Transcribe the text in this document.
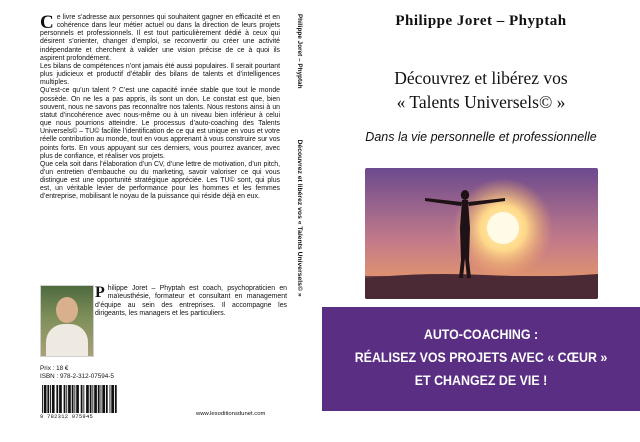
Ce livre s’adresse aux personnes qui souhaitent gagner en efficacité et en cohérence dans leur métier actuel ou dans la direction de leurs projets personnels et professionnels. Il est tout particulièrement dédié à ceux qui désirent s’orienter, changer d’emploi, se reconvertir ou créer une activité indépendante et cherchent à valider une vision précise de ce à quoi ils aspirent profondément.

Les bilans de compétences n’ont jamais été aussi populaires. Il serait pourtant plus judicieux et productif d’établir des bilans de talents et d’intelligences multiples.

Qu’est-ce qu’un talent ? C’est une capacité innée stable que tout le monde possède. On ne les a pas appris, ils sont un don. Le constat est que, bien souvent, nous ne savons pas reconnaître nos talents. Nous restons ainsi à un statut d’incohérence avec nous-même ou à un niveau bien inférieur à celui que nous pourrions atteindre. Le processus d’auto-coaching des Talents Universels© – TU© facilite l’identification de ce qui est unique en vous et votre réelle contribution au monde, tout en vous apprenant à vous construire sur vos points forts. En vous appuyant sur ces derniers, vous pourrez avancer, avec plus de confiance, et réaliser vos projets.

Que cela soit dans l’élaboration d’un CV, d’une lettre de motivation, d’un pitch, d’un entretien d’embauche ou du marketing, savoir valoriser ce qui vous distingue est une opportunité stratégique appréciée. Les TU© sont, qui plus est, un véritable levier de performance pour les hommes et les femmes d’entreprise, mobilisant le noyau de la puissance qui réside déjà en eux.

Philippe Joret – Phyptah est coach, psychopraticien en maïeusthésie, formateur et consultant en management d’équipe au sein des entreprises. Il accompagne les dirigeants, les managers et les particuliers.

Prix : 18 €
ISBN : 978-2-312-07594-5
9 782312 075945	www.lesoditionsdunet.com
Philippe Joret – Phyptah  Découvrez et libérez vos « Talents Universels© »
Philippe Joret – Phyptah
Découvrez et libérez vos
« Talents Universels© »
Dans la vie personnelle et professionnelle
AUTO-COACHING :
RÉALISEZ VOS PROJETS AVEC « CŒUR »
ET CHANGEZ DE VIE !
